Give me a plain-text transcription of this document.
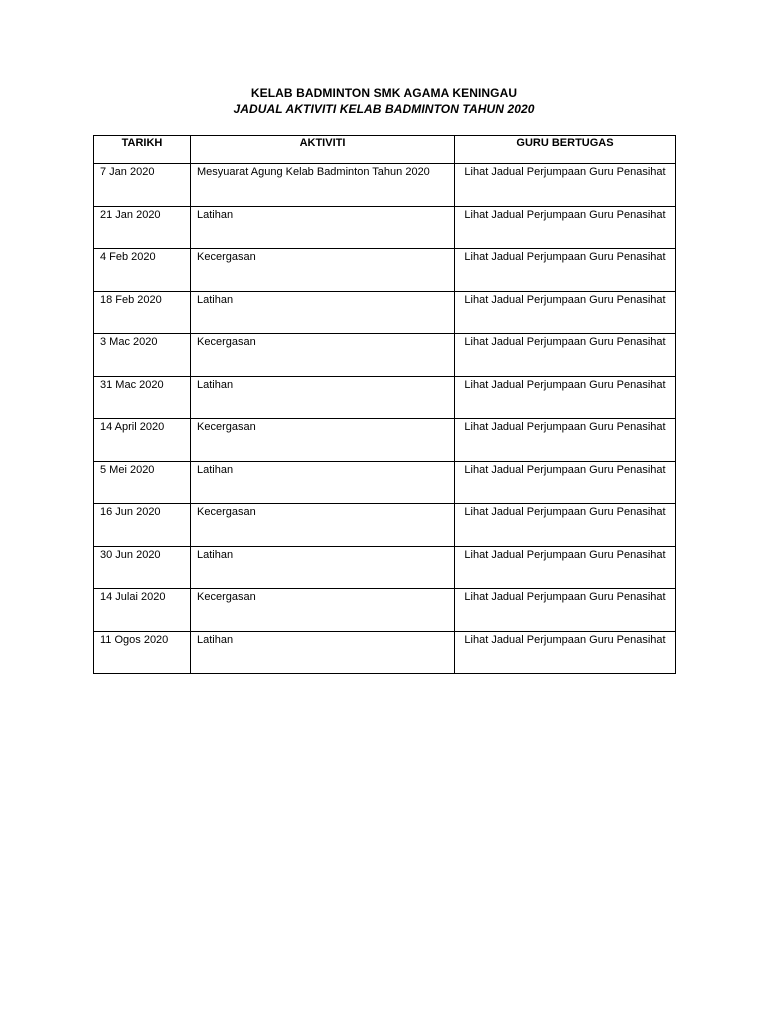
KELAB BADMINTON SMK AGAMA KENINGAU
JADUAL AKTIVITI KELAB BADMINTON TAHUN 2020
TARIKH	AKTIVITI	GURU BERTUGAS
7 Jan 2020	Mesyuarat Agung Kelab Badminton Tahun 2020	Lihat Jadual Perjumpaan Guru Penasihat
21 Jan 2020	Latihan	Lihat Jadual Perjumpaan Guru Penasihat
4 Feb 2020	Kecergasan	Lihat Jadual Perjumpaan Guru Penasihat
18 Feb 2020	Latihan	Lihat Jadual Perjumpaan Guru Penasihat
3 Mac 2020	Kecergasan	Lihat Jadual Perjumpaan Guru Penasihat
31 Mac 2020	Latihan	Lihat Jadual Perjumpaan Guru Penasihat
14 April 2020	Kecergasan	Lihat Jadual Perjumpaan Guru Penasihat
5 Mei 2020	Latihan	Lihat Jadual Perjumpaan Guru Penasihat
16 Jun 2020	Kecergasan	Lihat Jadual Perjumpaan Guru Penasihat
30 Jun 2020	Latihan	Lihat Jadual Perjumpaan Guru Penasihat
14 Julai 2020	Kecergasan	Lihat Jadual Perjumpaan Guru Penasihat
11 Ogos 2020	Latihan	Lihat Jadual Perjumpaan Guru Penasihat
